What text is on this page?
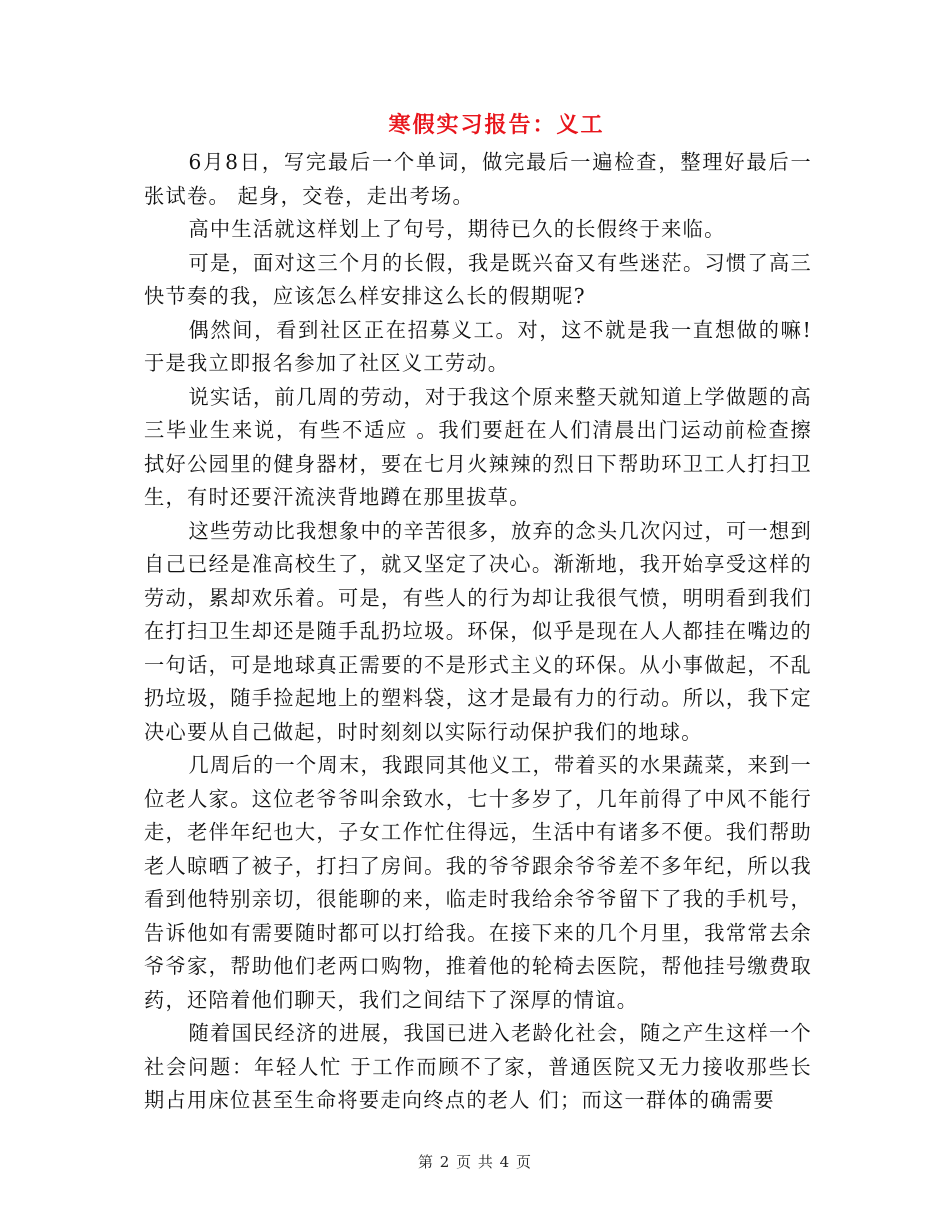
寒假实习报告：义工

6月8日，写完最后一个单词，做完最后一遍检查，整理好最后一张试卷。 起身，交卷，走出考场。

高中生活就这样划上了句号，期待已久的长假终于来临。

可是，面对这三个月的长假，我是既兴奋又有些迷茫。习惯了高三快节奏的我，应该怎么样安排这么长的假期呢?

偶然间，看到社区正在招募义工。对，这不就是我一直想做的嘛!于是我立即报名参加了社区义工劳动。

说实话，前几周的劳动，对于我这个原来整天就知道上学做题的高三毕业生来说，有些不适应 。我们要赶在人们清晨出门运动前检查擦拭好公园里的健身器材，要在七月火辣辣的烈日下帮助环卫工人打扫卫生，有时还要汗流浃背地蹲在那里拔草。

这些劳动比我想象中的辛苦很多，放弃的念头几次闪过，可一想到自己已经是准高校生了，就又坚定了决心。渐渐地，我开始享受这样的劳动，累却欢乐着。可是，有些人的行为却让我很气愤，明明看到我们在打扫卫生却还是随手乱扔垃圾。环保，似乎是现在人人都挂在嘴边的一句话，可是地球真正需要的不是形式主义的环保。从小事做起，不乱扔垃圾，随手捡起地上的塑料袋，这才是最有力的行动。所以，我下定决心要从自己做起，时时刻刻以实际行动保护我们的地球。

几周后的一个周末，我跟同其他义工，带着买的水果蔬菜，来到一位老人家。这位老爷爷叫余致水，七十多岁了，几年前得了中风不能行走，老伴年纪也大，子女工作忙住得远，生活中有诸多不便。我们帮助老人晾晒了被子，打扫了房间。我的爷爷跟余爷爷差不多年纪，所以我看到他特别亲切，很能聊的来，临走时我给余爷爷留下了我的手机号，告诉他如有需要随时都可以打给我。在接下来的几个月里，我常常去余爷爷家，帮助他们老两口购物，推着他的轮椅去医院，帮他挂号缴费取药，还陪着他们聊天，我们之间结下了深厚的情谊。

随着国民经济的进展，我国已进入老龄化社会，随之产生这样一个社会问题：年轻人忙 于工作而顾不了家，普通医院又无力接收那些长期占用床位甚至生命将要走向终点的老人 们；而这一群体的确需要

第 2 页 共 4 页
